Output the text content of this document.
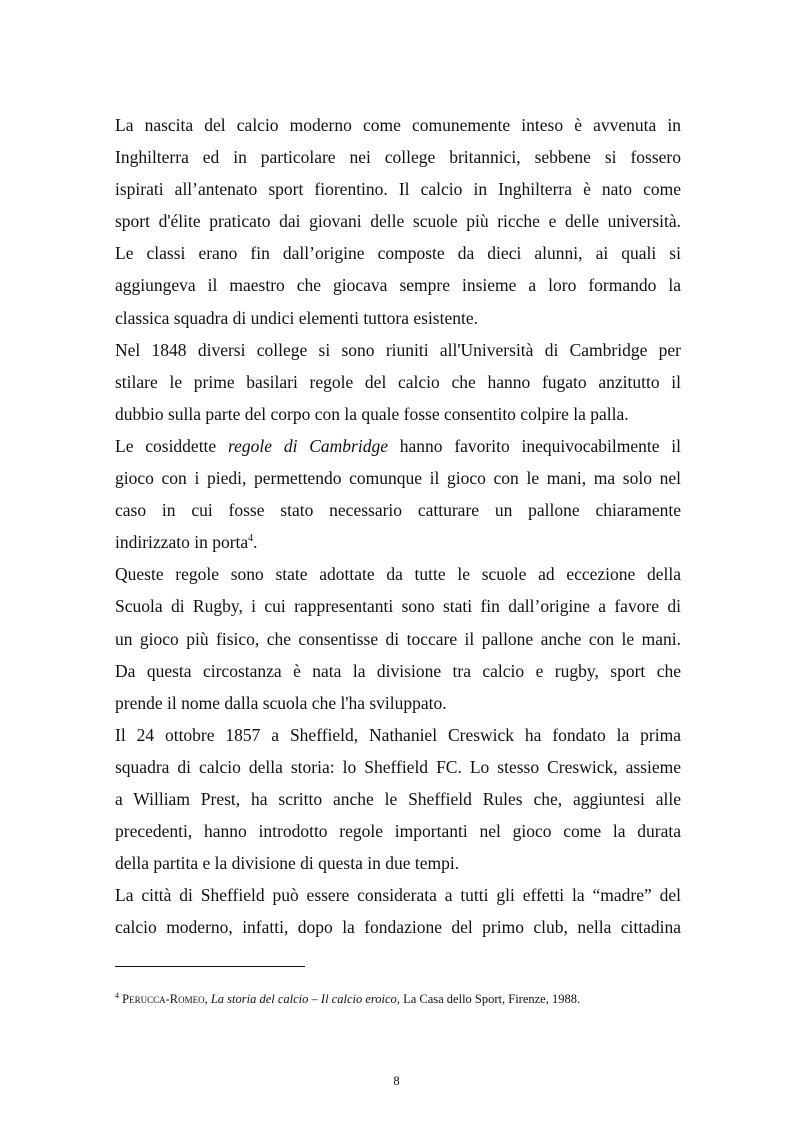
La nascita del calcio moderno come comunemente inteso è avvenuta in
Inghilterra ed in particolare nei college britannici, sebbene si fossero
ispirati all’antenato sport fiorentino. Il calcio in Inghilterra è nato come
sport d'élite praticato dai giovani delle scuole più ricche e delle università.
Le classi erano fin dall’origine composte da dieci alunni, ai quali si
aggiungeva il maestro che giocava sempre insieme a loro formando la
classica squadra di undici elementi tuttora esistente.

Nel 1848 diversi college si sono riuniti all'Università di Cambridge per
stilare le prime basilari regole del calcio che hanno fugato anzitutto il
dubbio sulla parte del corpo con la quale fosse consentito colpire la palla.

Le cosiddette regole di Cambridge hanno favorito inequivocabilmente il
gioco con i piedi, permettendo comunque il gioco con le mani, ma solo nel
caso in cui fosse stato necessario catturare un pallone chiaramente
indirizzato in porta$^4$.

Queste regole sono state adottate da tutte le scuole ad eccezione della
Scuola di Rugby, i cui rappresentanti sono stati fin dall’origine a favore di
un gioco più fisico, che consentisse di toccare il pallone anche con le mani.
Da questa circostanza è nata la divisione tra calcio e rugby, sport che
prende il nome dalla scuola che l'ha sviluppato.

Il 24 ottobre 1857 a Sheffield, Nathaniel Creswick ha fondato la prima
squadra di calcio della storia: lo Sheffield FC. Lo stesso Creswick, assieme
a William Prest, ha scritto anche le Sheffield Rules che, aggiuntesi alle
precedenti, hanno introdotto regole importanti nel gioco come la durata
della partita e la divisione di questa in due tempi.

La città di Sheffield può essere considerata a tutti gli effetti la “madre” del
calcio moderno, infatti, dopo la fondazione del primo club, nella cittadina

$^4$ Perucca-Romeo, La storia del calcio – Il calcio eroico, La Casa dello Sport, Firenze, 1988.
8
